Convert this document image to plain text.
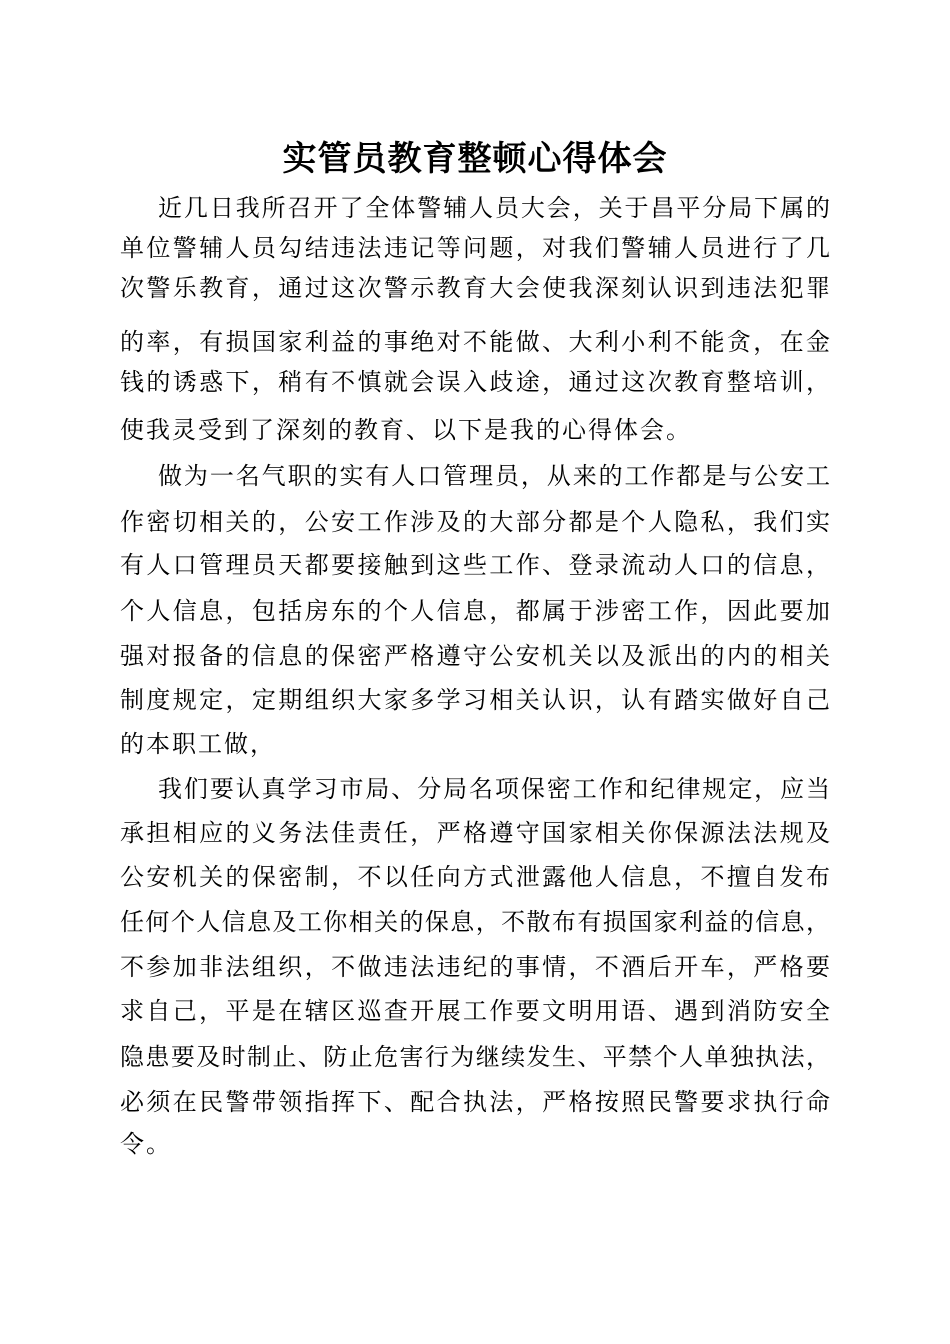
实管员教育整顿心得体会
近几日我所召开了全体警辅人员大会，关于昌平分局下属的
单位警辅人员勾结违法违记等问题，对我们警辅人员进行了几
次警乐教育，通过这次警示教育大会使我深刻认识到违法犯罪
的率，有损国家利益的事绝对不能做、大利小利不能贪，在金
钱的诱惑下，稍有不慎就会误入歧途，通过这次教育整培训，
使我灵受到了深刻的教育、以下是我的心得体会。
做为一名气职的实有人口管理员，从来的工作都是与公安工
作密切相关的，公安工作涉及的大部分都是个人隐私，我们实
有人口管理员天都要接触到这些工作、登录流动人口的信息，
个人信息，包括房东的个人信息，都属于涉密工作，因此要加
强对报备的信息的保密严格遵守公安机关以及派出的内的相关
制度规定，定期组织大家多学习相关认识，认有踏实做好自己
的本职工做，
我们要认真学习市局、分局名项保密工作和纪律规定，应当
承担相应的义务法佳责任，严格遵守国家相关你保源法法规及
公安机关的保密制，不以任向方式泄露他人信息，不擅自发布
任何个人信息及工你相关的保息，不散布有损国家利益的信息，
不参加非法组织，不做违法违纪的事情，不酒后开车，严格要
求自己，平是在辖区巡查开展工作要文明用语、遇到消防安全
隐患要及时制止、防止危害行为继续发生、平禁个人单独执法，
必须在民警带领指挥下、配合执法，严格按照民警要求执行命
令。
